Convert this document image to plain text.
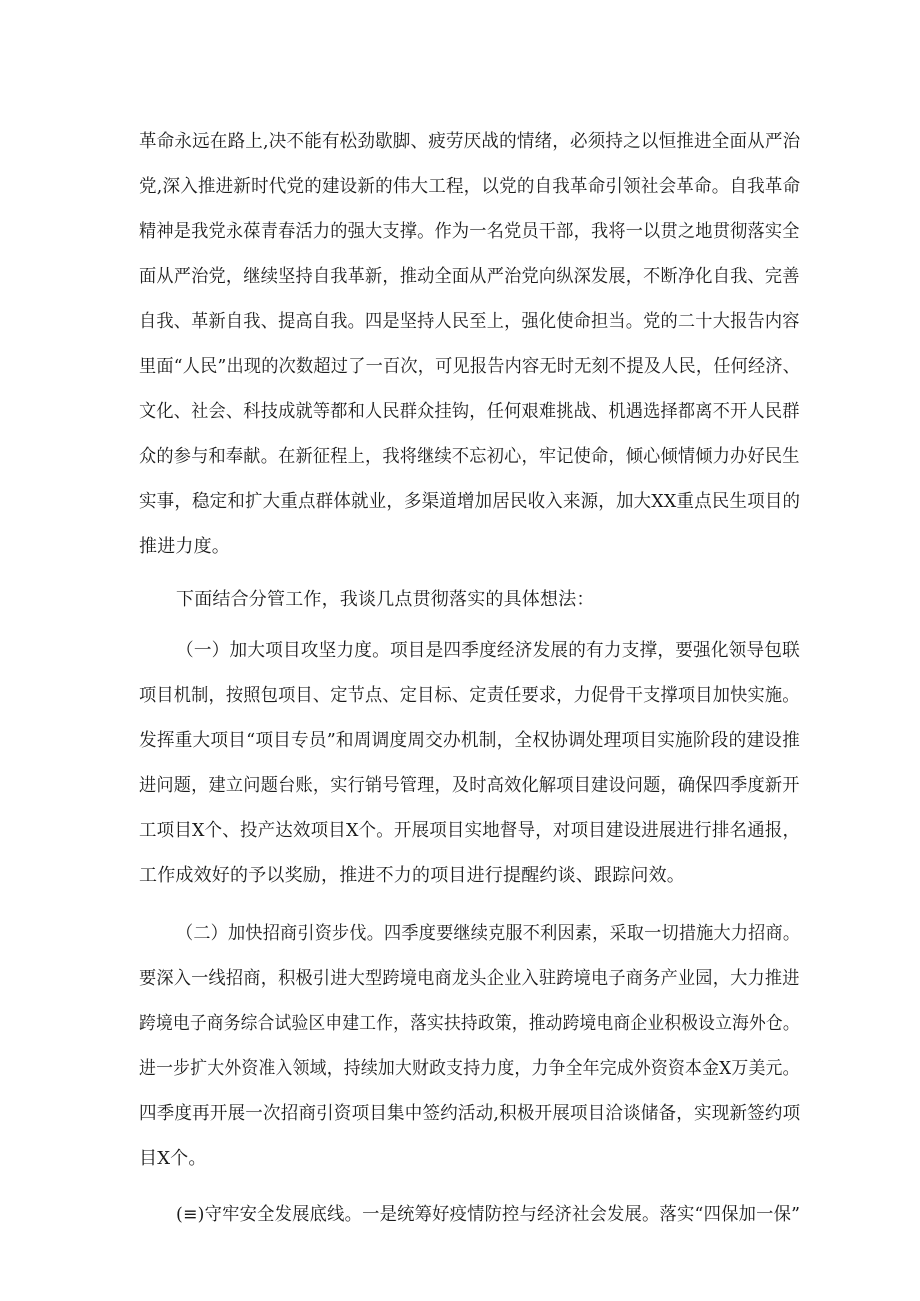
革命永远在路上,决不能有松劲歇脚、疲劳厌战的情绪，必须持之以恒推进全面从严治
党,深入推进新时代党的建设新的伟大工程，以党的自我革命引领社会革命。自我革命
精神是我党永葆青春活力的强大支撑。作为一名党员干部，我将一以贯之地贯彻落实全
面从严治党，继续坚持自我革新，推动全面从严治党向纵深发展，不断净化自我、完善
自我、革新自我、提高自我。四是坚持人民至上，强化使命担当。党的二十大报告内容
里面“人民”出现的次数超过了一百次，可见报告内容无时无刻不提及人民，任何经济、
文化、社会、科技成就等都和人民群众挂钩，任何艰难挑战、机遇选择都离不开人民群
众的参与和奉献。在新征程上，我将继续不忘初心，牢记使命，倾心倾情倾力办好民生
实事，稳定和扩大重点群体就业，多渠道增加居民收入来源，加大XX重点民生项目的
推进力度。
下面结合分管工作，我谈几点贯彻落实的具体想法：
（一）加大项目攻坚力度。项目是四季度经济发展的有力支撑，要强化领导包联
项目机制，按照包项目、定节点、定目标、定责任要求，力促骨干支撑项目加快实施。
发挥重大项目“项目专员”和周调度周交办机制，全权协调处理项目实施阶段的建设推
进问题，建立问题台账，实行销号管理，及时高效化解项目建设问题，确保四季度新开
工项目X个、投产达效项目X个。开展项目实地督导，对项目建设进展进行排名通报，
工作成效好的予以奖励，推进不力的项目进行提醒约谈、跟踪问效。
（二）加快招商引资步伐。四季度要继续克服不利因素，采取一切措施大力招商。
要深入一线招商，积极引进大型跨境电商龙头企业入驻跨境电子商务产业园，大力推进
跨境电子商务综合试验区申建工作，落实扶持政策，推动跨境电商企业积极设立海外仓。
进一步扩大外资准入领域，持续加大财政支持力度，力争全年完成外资资本金X万美元。
四季度再开展一次招商引资项目集中签约活动,积极开展项目洽谈储备，实现新签约项
目X个。
(≡)守牢安全发展底线。一是统筹好疫情防控与经济社会发展。落实“四保加一保”
